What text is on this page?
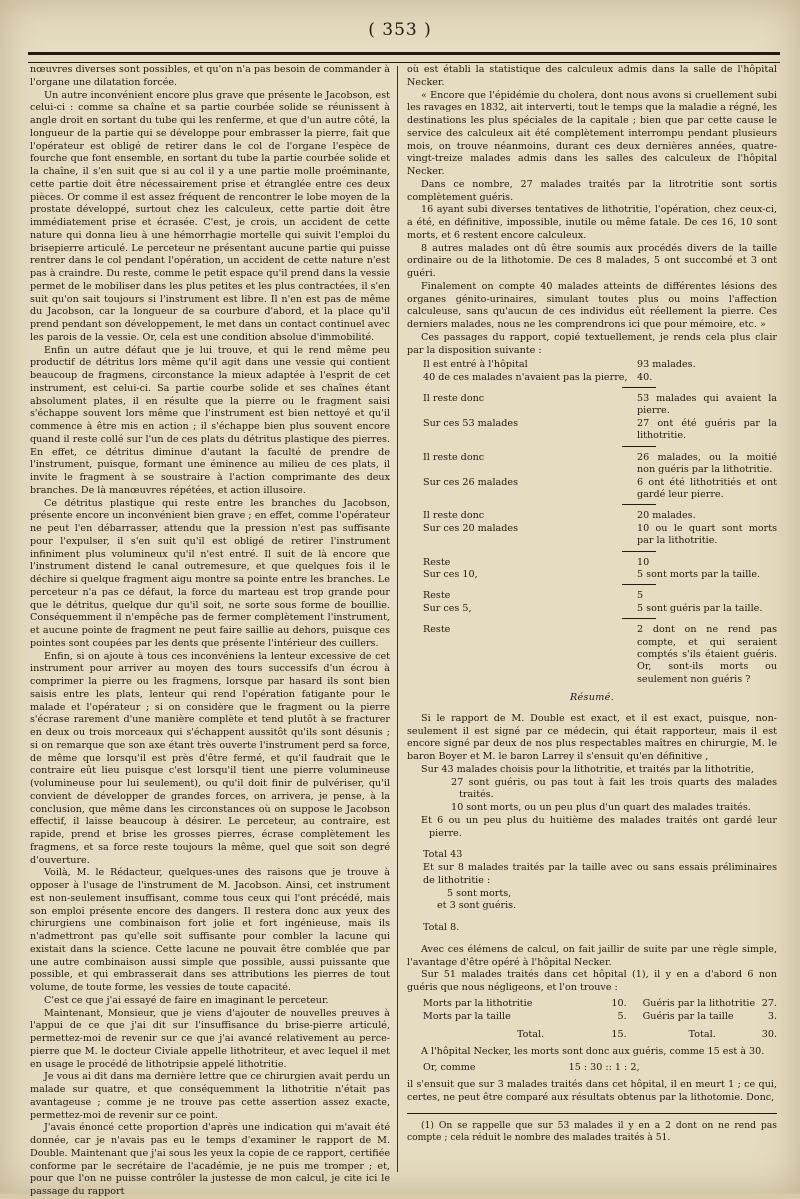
( 353 )

nœuvres diverses sont possibles, et qu'on n'a pas besoin de commander à l'organe une dilatation forcée.

Un autre inconvénient encore plus grave que présente le Jacobson, est celui-ci : comme sa chaîne et sa partie courbée solide se réunissent à angle droit en sortant du tube qui les renferme, et que d'un autre côté, la longueur de la partie qui se développe pour embrasser la pierre, fait que l'opérateur est obligé de retirer dans le col de l'organe l'espèce de fourche que font ensemble, en sortant du tube la partie courbée solide et la chaîne, il s'en suit que si au col il y a une partie molle proéminante, cette partie doit être nécessairement prise et étranglée entre ces deux pièces. Or comme il est assez fréquent de rencontrer le lobe moyen de la prostate développé, surtout chez les calculeux, cette partie doit être immédiatement prise et écrasée. C'est, je crois, un accident de cette nature qui donna lieu à une hémorrhagie mortelle qui suivit l'emploi du brisepierre articulé. Le perceteur ne présentant aucune partie qui puisse rentrer dans le col pendant l'opération, un accident de cette nature n'est pas à craindre. Du reste, comme le petit espace qu'il prend dans la vessie permet de le mobiliser dans les plus petites et les plus contractées, il s'en suit qu'on sait toujours si l'instrument est libre. Il n'en est pas de même du Jacobson, car la longueur de sa courbure d'abord, et la place qu'il prend pendant son développement, le met dans un contact continuel avec les parois de la vessie. Or, cela est une condition absolue d'immobilité.

Enfin un autre défaut que je lui trouve, et qui le rend même peu productif de détritus lors même qu'il agit dans une vessie qui contient beaucoup de fragmens, circonstance la mieux adaptée à l'esprit de cet instrument, est celui-ci. Sa partie courbe solide et ses chaînes étant absolument plates, il en résulte que la pierre ou le fragment saisi s'échappe souvent lors même que l'instrument est bien nettoyé et qu'il commence à être mis en action ; il s'échappe bien plus souvent encore quand il reste collé sur l'un de ces plats du détritus plastique des pierres. En effet, ce détritus diminue d'autant la faculté de prendre de l'instrument, puisque, formant une éminence au milieu de ces plats, il invite le fragment à se soustraire à l'action comprimante des deux branches. De là manœuvres répétées, et action illusoire.

Ce détritus plastique qui reste entre les branches du Jacobson, présente encore un inconvénient bien grave ; en effet, comme l'opérateur ne peut l'en débarrasser, attendu que la pression n'est pas suffisante pour l'expulser, il s'en suit qu'il est obligé de retirer l'instrument infiniment plus volumineux qu'il n'est entré. Il suit de là encore que l'instrument distend le canal outremesure, et que quelques fois il le déchire si quelque fragment aigu montre sa pointe entre les branches. Le perceteur n'a pas ce défaut, la force du marteau est trop grande pour que le détritus, quelque dur qu'il soit, ne sorte sous forme de bouillie. Conséquemment il n'empêche pas de fermer complètement l'instrument, et aucune pointe de fragment ne peut faire saillie au dehors, puisque ces pointes sont coupées par les dents que présente l'intérieur des cuillers.

Enfin, si on ajoute à tous ces inconvéniens la lenteur excessive de cet instrument pour arriver au moyen des tours successifs d'un écrou à comprimer la pierre ou les fragmens, lorsque par hasard ils sont bien saisis entre les plats, lenteur qui rend l'opération fatigante pour le malade et l'opérateur ; si on considère que le fragment ou la pierre s'écrase rarement d'une manière complète et tend plutôt à se fracturer en deux ou trois morceaux qui s'échappent aussitôt qu'ils sont désunis ; si on remarque que son axe étant très ouverte l'instrument perd sa force, de même que lorsqu'il est près d'être fermé, et qu'il faudrait que le contraire eût lieu puisque c'est lorsqu'il tient une pierre volumineuse (volumineuse pour lui seulement), ou qu'il doit finir de pulvériser, qu'il convient de développer de grandes forces, on arrivera, je pense, à la conclusion, que même dans les circonstances où on suppose le Jacobson effectif, il laisse beaucoup à désirer. Le perceteur, au contraire, est rapide, prend et brise les grosses pierres, écrase complètement les fragmens, et sa force reste toujours la même, quel que soit son degré d'ouverture.

Voilà, M. le Rédacteur, quelques-unes des raisons que je trouve à opposer à l'usage de l'instrument de M. Jacobson. Ainsi, cet instrument est non-seulement insuffisant, comme tous ceux qui l'ont précédé, mais son emploi présente encore des dangers. Il restera donc aux yeux des chirurgiens une combinaison fort jolie et fort ingénieuse, mais ils n'admettront pas qu'elle soit suffisante pour combler la lacune qui existait dans la science. Cette lacune ne pouvait être comblée que par une autre combinaison aussi simple que possible, aussi puissante que possible, et qui embrasserait dans ses attributions les pierres de tout volume, de toute forme, les vessies de toute capacité.

C'est ce que j'ai essayé de faire en imaginant le perceteur.

Maintenant, Monsieur, que je viens d'ajouter de nouvelles preuves à l'appui de ce que j'ai dit sur l'insuffisance du brise-pierre articulé, permettez-moi de revenir sur ce que j'ai avancé relativement au perce-pierre que M. le docteur Civiale appelle lithotriteur, et avec lequel il met en usage le procédé de lithotripsie appelé lithotritie.

Je vous ai dit dans ma dernière lettre que ce chirurgien avait perdu un malade sur quatre, et que conséquemment la lithotritie n'était pas avantageuse ; comme je ne trouve pas cette assertion assez exacte, permettez-moi de revenir sur ce point.

J'avais énoncé cette proportion d'après une indication qui m'avait été donnée, car je n'avais pas eu le temps d'examiner le rapport de M. Double. Maintenant que j'ai sous les yeux la copie de ce rapport, certifiée conforme par le secrétaire de l'académie, je ne puis me tromper ; et, pour que l'on ne puisse contrôler la justesse de mon calcul, je cite ici le passage du rapport

où est établi la statistique des calculeux admis dans la salle de l'hôpital Necker.

« Encore que l'épidémie du cholera, dont nous avons si cruellement subi les ravages en 1832, ait interverti, tout le temps que la maladie a régné, les destinations les plus spéciales de la capitale ; bien que par cette cause le service des calculeux ait été complètement interrompu pendant plusieurs mois, on trouve néanmoins, durant ces deux dernières années, quatre-vingt-treize malades admis dans les salles des calculeux de l'hôpital Necker.

Dans ce nombre, 27 malades traités par la litrotritie sont sortis complètement guéris.

16 ayant subi diverses tentatives de lithotritie, l'opération, chez ceux-ci, a été, en définitive, impossible, inutile ou même fatale. De ces 16, 10 sont morts, et 6 restent encore calculeux.

8 autres malades ont dû être soumis aux procédés divers de la taille ordinaire ou de la lithotomie. De ces 8 malades, 5 ont succombé et 3 ont guéri.

Finalement on compte 40 malades atteints de différentes lésions des organes génito-urinaires, simulant toutes plus ou moins l'affection calculeuse, sans qu'aucun de ces individus eût réellement la pierre. Ces derniers malades, nous ne les comprendrons ici que pour mémoire, etc. »

Ces passages du rapport, copié textuellement, je rends cela plus clair par la disposition suivante :

Il est entré à l'hôpital	93 malades.
40 de ces malades n'avaient pas la pierre,	40.

Il reste donc	53 malades qui avaient la pierre.
Sur ces 53 malades	27 ont été guéris par la lithotritie.

Il reste donc	26 malades, ou la moitié non guéris par la lithotritie.
Sur ces 26 malades	6 ont été lithotritiés et ont gardé leur pierre.

Il reste donc	20 malades.
Sur ces 20 malades	10 ou le quart sont morts par la lithotritie.

Reste	10
Sur ces 10,	5 sont morts par la taille.

Reste	5
Sur ces 5,	5 sont guéris par la taille.

Reste	2 dont on ne rend pas compte, et qui seraient comptés s'ils étaient guéris. Or, sont-ils morts ou seulement non guéris ?
Résumé.

Si le rapport de M. Double est exact, et il est exact, puisque, non-seulement il est signé par ce médecin, qui était rapporteur, mais il est encore signé par deux de nos plus respectables maîtres en chirurgie, M. le baron Boyer et M. le baron Larrey il s'ensuit qu'en définitive ,

Sur 43 malades choisis pour la lithotritie, et traités par la lithotritie,
27 sont guéris, ou pas tout à fait les trois quarts des malades traités.
10 sont morts, ou un peu plus d'un quart des malades traités.
Et 6 ou un peu plus du huitième des malades traités ont gardé leur pierre.
Total 43
Et sur 8 malades traités par la taille avec ou sans essais préliminaires de lithotritie :
5 sont morts,
et 3 sont guéris.
Total 8.

Avec ces élémens de calcul, on fait jaillir de suite par une règle simple, l'avantage d'être opéré à l'hôpital Necker.

Sur 51 malades traités dans cet hôpital (1), il y en a d'abord 6 non guéris que nous négligeons, et l'on trouve :

Morts par la lithotritie	10.	Guéris par la lithotritie	27.
Morts par la taille	5.	Guéris par la taille	3.
Total.	15.	Total.	30.

A l'hôpital Necker, les morts sont donc aux guéris, comme 15 est à 30.

Or, comme	15 : 30 :: 1 : 2,

il s'ensuit que sur 3 malades traités dans cet hôpital, il en meurt 1 ; ce qui, certes, ne peut être comparé aux résultats obtenus par la lithotomie. Donc,

(1) On se rappelle que sur 53 malades il y en a 2 dont on ne rend pas compte ; cela réduit le nombre des malades traités à 51.
